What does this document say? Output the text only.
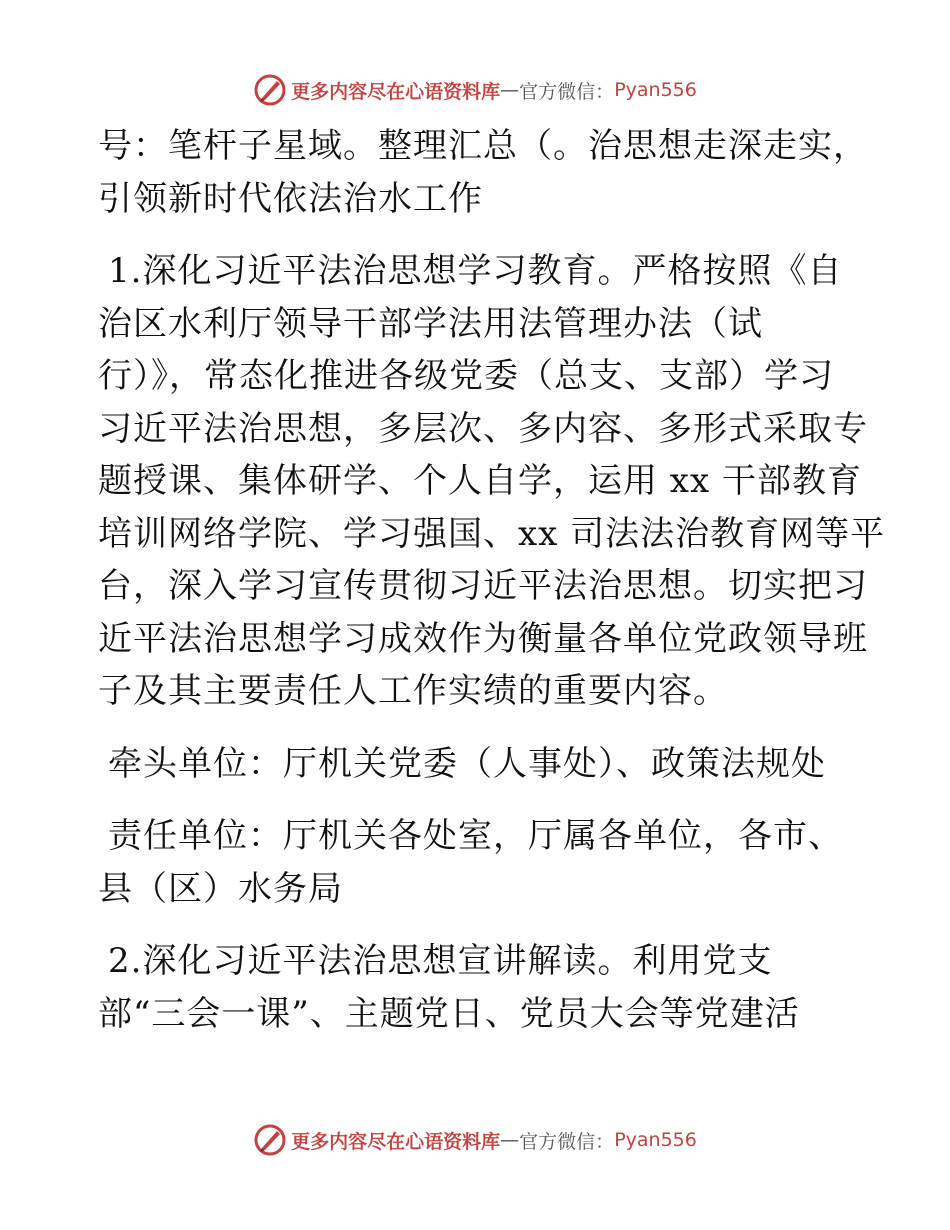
更多内容尽在心语资料库 — 官方微信： Pyan556
号：笔杆子星域。整理汇总（。治思想走深走实，
引领新时代依法治水工作
1.深化习近平法治思想学习教育。严格按照《自
治区水利厅领导干部学法用法管理办法（试
行）》，常态化推进各级党委（总支、支部）学习
习近平法治思想，多层次、多内容、多形式采取专
题授课、集体研学、个人自学，运用 xx 干部教育
培训网络学院、学习强国、xx 司法法治教育网等平
台，深入学习宣传贯彻习近平法治思想。切实把习
近平法治思想学习成效作为衡量各单位党政领导班
子及其主要责任人工作实绩的重要内容。
牵头单位：厅机关党委（人事处）、政策法规处
责任单位：厅机关各处室，厅属各单位，各市、
县（区）水务局
2.深化习近平法治思想宣讲解读。利用党支
部“三会一课”、主题党日、党员大会等党建活
更多内容尽在心语资料库 — 官方微信： Pyan556
